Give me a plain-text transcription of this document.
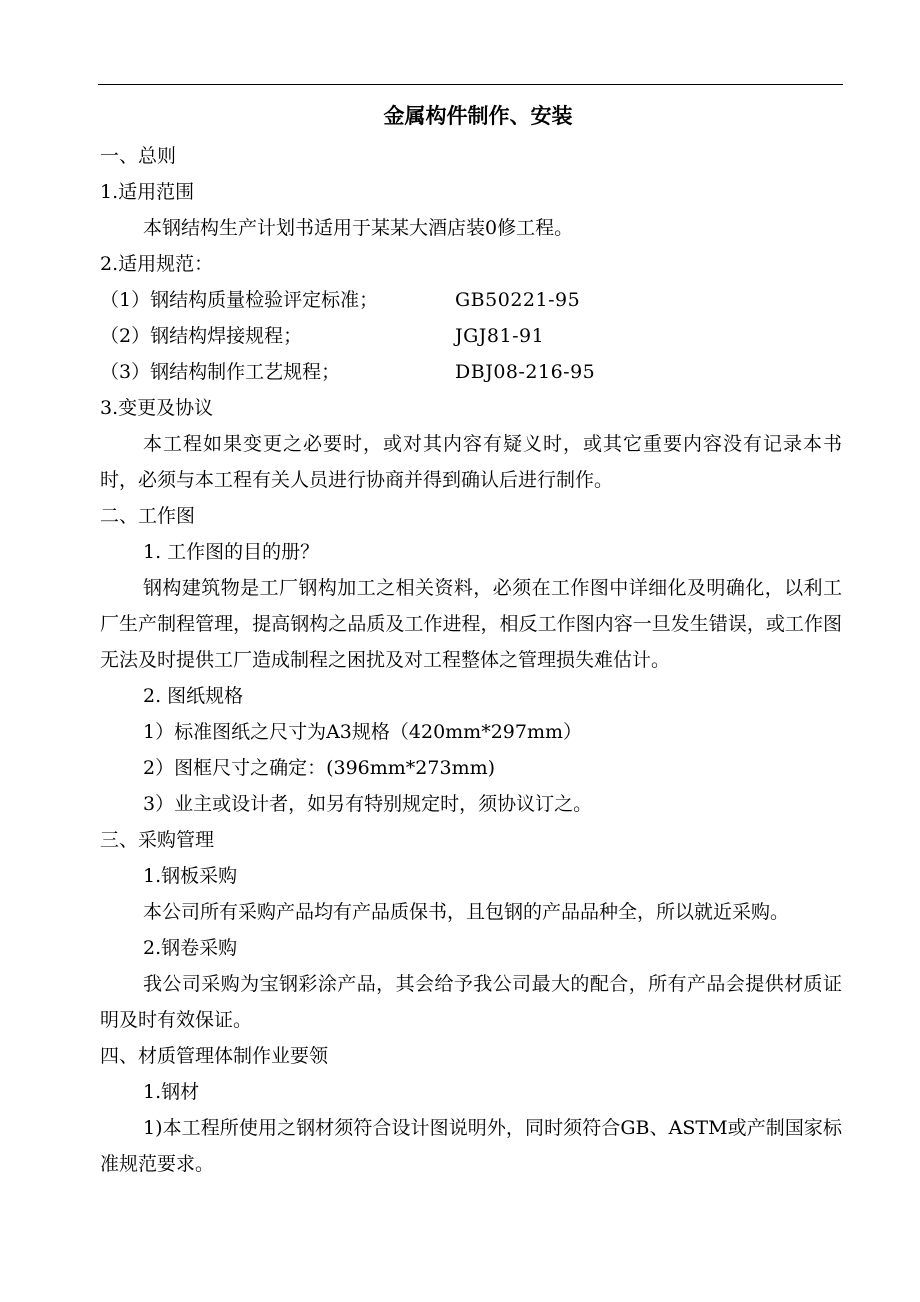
金属构件制作、安装

一、总则

1.适用范围

本钢结构生产计划书适用于某某大酒店装0修工程。

2.适用规范：

（1）钢结构质量检验评定标准；	GB50221-95
（2）钢结构焊接规程；	JGJ81-91
（3）钢结构制作工艺规程；	DBJ08-216-95

3.变更及协议

本工程如果变更之必要时，或对其内容有疑义时，或其它重要内容没有记录本书时，必须与本工程有关人员进行协商并得到确认后进行制作。

二、工作图

1. 工作图的目的册？

钢构建筑物是工厂钢构加工之相关资料，必须在工作图中详细化及明确化，以利工厂生产制程管理，提高钢构之品质及工作进程，相反工作图内容一旦发生错误，或工作图无法及时提供工厂造成制程之困扰及对工程整体之管理损失难估计。

2. 图纸规格

1）标准图纸之尺寸为A3规格（420mm*297mm）

2）图框尺寸之确定：(396mm*273mm)

3）业主或设计者，如另有特别规定时，须协议订之。

三、采购管理

1.钢板采购

本公司所有采购产品均有产品质保书，且包钢的产品品种全，所以就近采购。

2.钢卷采购

我公司采购为宝钢彩涂产品，其会给予我公司最大的配合，所有产品会提供材质证明及时有效保证。

四、材质管理体制作业要领

1.钢材

1)本工程所使用之钢材须符合设计图说明外，同时须符合GB、ASTM或产制国家标准规范要求。
